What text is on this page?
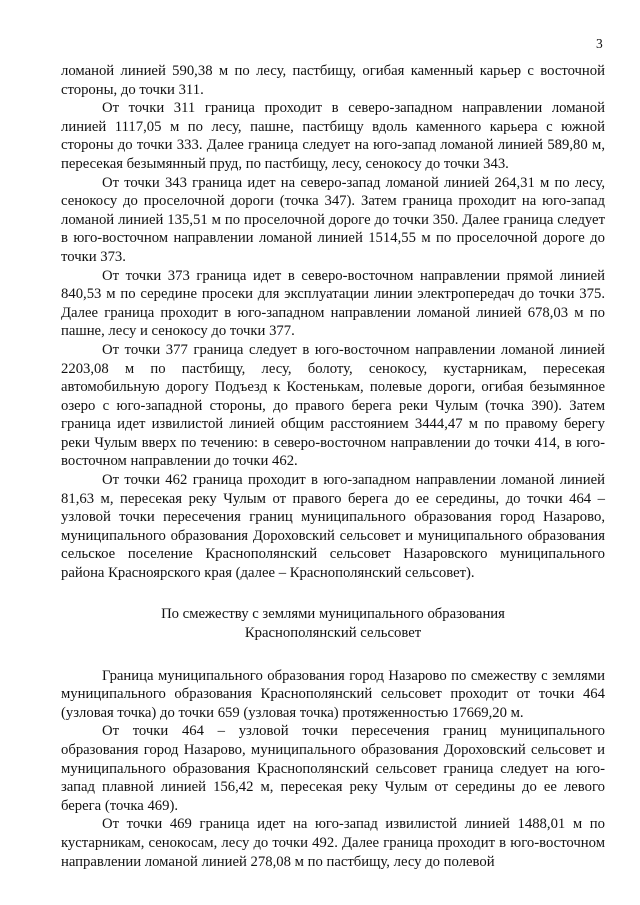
3

ломаной линией 590,38 м по лесу, пастбищу, огибая каменный карьер с восточной стороны, до точки 311.

От точки 311 граница проходит в северо-западном направлении ломаной линией 1117,05 м по лесу, пашне, пастбищу вдоль каменного карьера с южной стороны до точки 333. Далее граница следует на юго-запад ломаной линией 589,80 м, пересекая безымянный пруд, по пастбищу, лесу, сенокосу до точки 343.

От точки 343 граница идет на северо-запад ломаной линией 264,31 м по лесу, сенокосу до проселочной дороги (точка 347). Затем граница проходит на юго-запад ломаной линией 135,51 м по проселочной дороге до точки 350. Далее граница следует в юго-восточном направлении ломаной линией 1514,55 м по проселочной дороге до точки 373.

От точки 373 граница идет в северо-восточном направлении прямой линией 840,53 м по середине просеки для эксплуатации линии электропередач до точки 375. Далее граница проходит в юго-западном направлении ломаной линией 678,03 м по пашне, лесу и сенокосу до точки 377.

От точки 377 граница следует в юго-восточном направлении ломаной линией 2203,08 м по пастбищу, лесу, болоту, сенокосу, кустарникам, пересекая автомобильную дорогу Подъезд к Костенькам, полевые дороги, огибая безымянное озеро с юго-западной стороны, до правого берега реки Чулым (точка 390). Затем граница идет извилистой линией общим расстоянием 3444,47 м по правому берегу реки Чулым вверх по течению: в северо-восточном направлении до точки 414, в юго-восточном направлении до точки 462.

От точки 462 граница проходит в юго-западном направлении ломаной линией 81,63 м, пересекая реку Чулым от правого берега до ее середины, до точки 464 – узловой точки пересечения границ муниципального образования город Назарово, муниципального образования Дороховский сельсовет и муниципального образования сельское поселение Краснополянский сельсовет Назаровского муниципального района Красноярского края (далее – Краснополянский сельсовет).

По смежеству с землями муниципального образования
Краснополянский сельсовет

Граница муниципального образования город Назарово по смежеству с землями муниципального образования Краснополянский сельсовет проходит от точки 464 (узловая точка) до точки 659 (узловая точка) протяженностью 17669,20 м.

От точки 464 – узловой точки пересечения границ муниципального образования город Назарово, муниципального образования Дороховский сельсовет и муниципального образования Краснополянский сельсовет граница следует на юго-запад плавной линией 156,42 м, пересекая реку Чулым от середины до ее левого берега (точка 469).

От точки 469 граница идет на юго-запад извилистой линией 1488,01 м по кустарникам, сенокосам, лесу до точки 492. Далее граница проходит в юго-восточном направлении ломаной линией 278,08 м по пастбищу, лесу до полевой
